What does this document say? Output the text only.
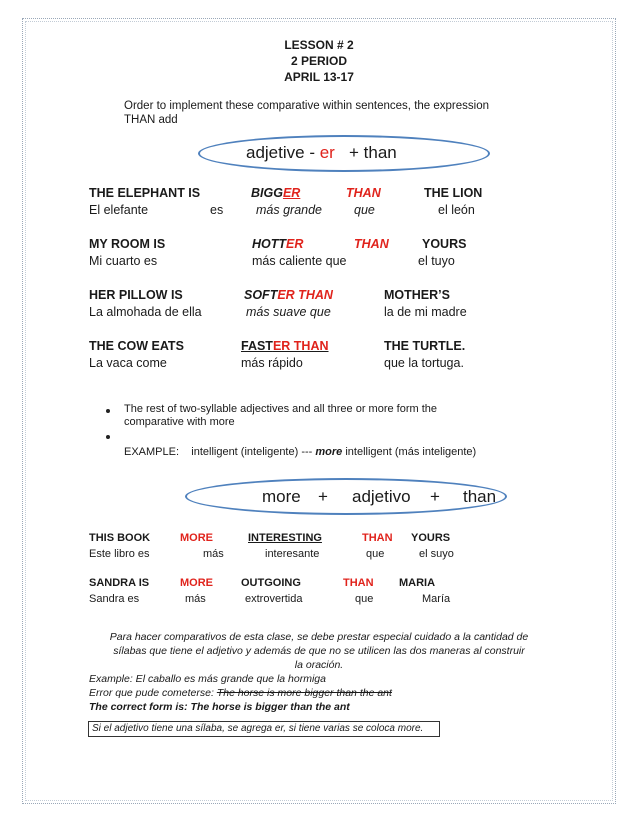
LESSON # 2
2 PERIOD
APRIL 13-17
Order to implement these comparative within sentences, the expression
THAN add
adjetive - er + than
THE ELEPHANT IS	BIGGER	THAN	THE LION
El elefante	es	más grande	que	el león
MY ROOM IS	HOTTER	THAN	YOURS
Mi cuarto es	más caliente que	el tuyo
HER PILLOW IS	SOFTER THAN	MOTHER’S
La almohada de ella	más suave que	la de mi madre
THE COW EATS	FASTER THAN	THE TURTLE.
La vaca come	más rápido	que la tortuga.
The rest of two-syllable adjectives and all three or more form the
comparative with more
EXAMPLE: intelligent (inteligente) --- more intelligent (más inteligente)
more + adjetivo + than
THIS BOOK	MORE	INTERESTING	THAN YOURS
Este libro es	más	interesante	que	el suyo
SANDRA IS	MORE	OUTGOING	THAN MARIA
Sandra es	más	extrovertida	que	María
Para hacer comparativos de esta clase, se debe prestar especial cuidado a la cantidad de
sílabas que tiene el adjetivo y además de que no se utilicen las dos maneras al construir
la oración.
Example: El caballo es más grande que la hormiga
Error que pude cometerse: The horse is more bigger than the ant
The correct form is: The horse is bigger than the ant
Si el adjetivo tiene una sílaba, se agrega er, si tiene varias se coloca more.
